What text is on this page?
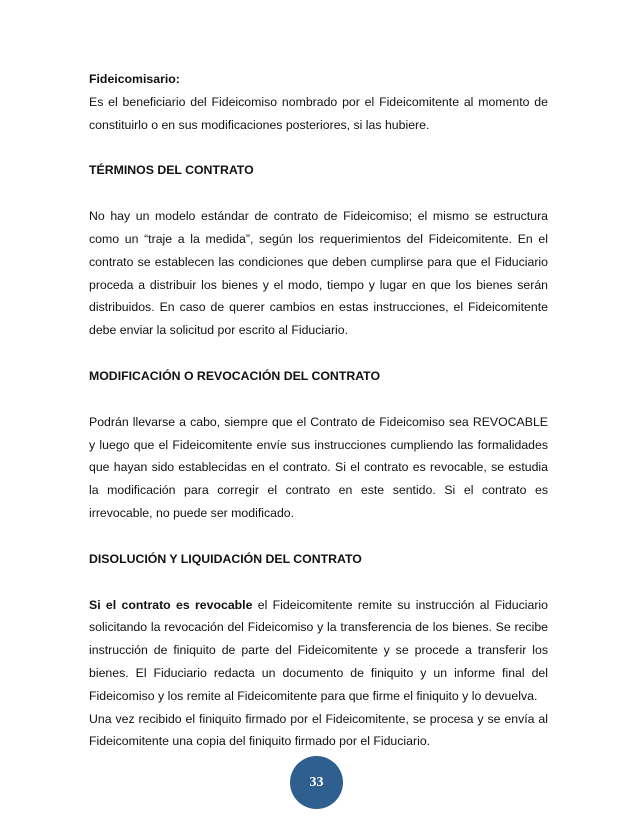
Fideicomisario:

Es el beneficiario del Fideicomiso nombrado por el Fideicomitente al momento de constituirlo o en sus modificaciones posteriores, si las hubiere.

TÉRMINOS DEL CONTRATO

No hay un modelo estándar de contrato de Fideicomiso; el mismo se estructura como un “traje a la medida”, según los requerimientos del Fideicomitente. En el contrato se establecen las condiciones que deben cumplirse para que el Fiduciario proceda a distribuir los bienes y el modo, tiempo y lugar en que los bienes serán distribuidos. En caso de querer cambios en estas instrucciones, el Fideicomitente debe enviar la solicitud por escrito al Fiduciario.

MODIFICACIÓN O REVOCACIÓN DEL CONTRATO

Podrán llevarse a cabo, siempre que el Contrato de Fideicomiso sea REVOCABLE y luego que el Fideicomitente envíe sus instrucciones cumpliendo las formalidades que hayan sido establecidas en el contrato. Si el contrato es revocable, se estudia la modificación para corregir el contrato en este sentido. Si el contrato es irrevocable, no puede ser modificado.

DISOLUCIÓN Y LIQUIDACIÓN DEL CONTRATO

Si el contrato es revocable el Fideicomitente remite su instrucción al Fiduciario solicitando la revocación del Fideicomiso y la transferencia de los bienes. Se recibe instrucción de finiquito de parte del Fideicomitente y se procede a transferir los bienes. El Fiduciario redacta un documento de finiquito y un informe final del Fideicomiso y los remite al Fideicomitente para que firme el finiquito y lo devuelva.

Una vez recibido el finiquito firmado por el Fideicomitente, se procesa y se envía al Fideicomitente una copia del finiquito firmado por el Fiduciario.

33
